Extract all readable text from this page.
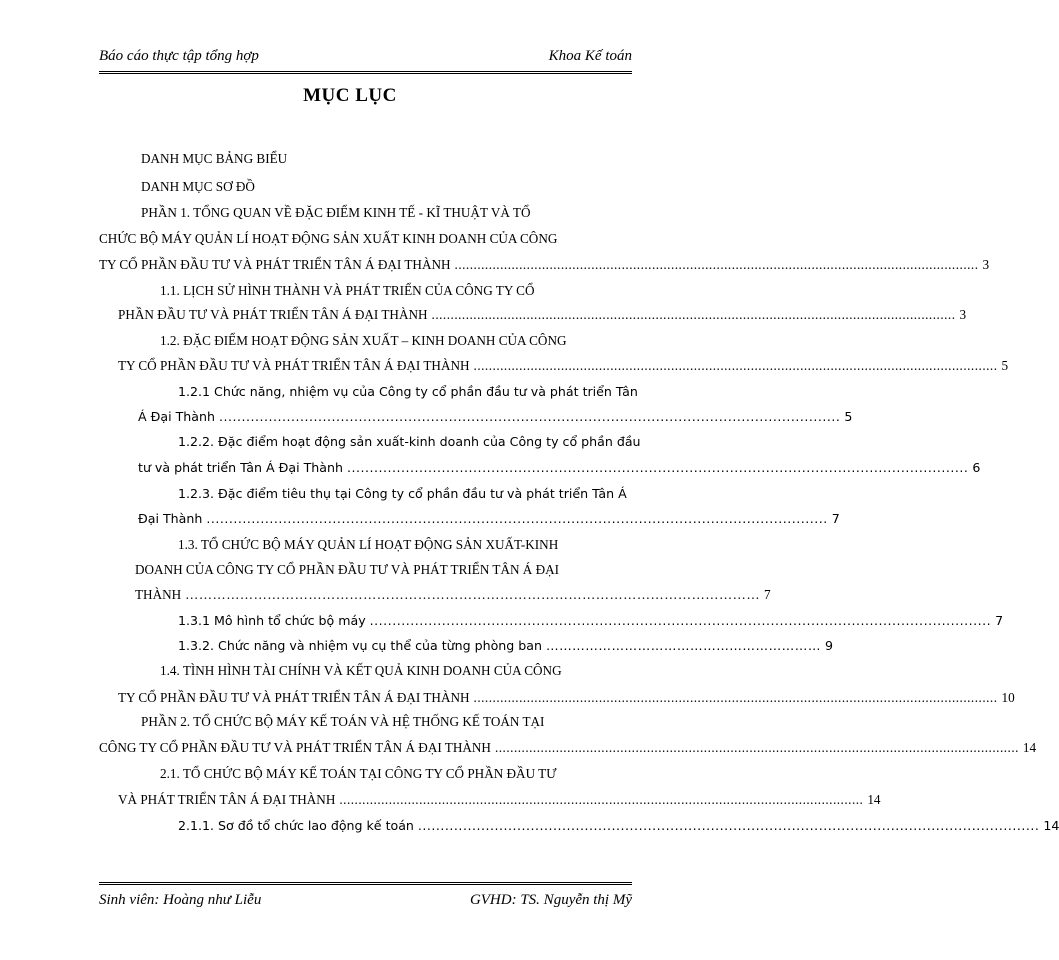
Báo cáo thực tập tổng hợp	Khoa Kế toán
MỤC LỤC
DANH MỤC BẢNG BIỂU
DANH MỤC SƠ ĐỒ
PHẦN 1. TỔNG QUAN VỀ ĐẶC ĐIỂM KINH TẾ - KĨ THUẬT VÀ TỔ
CHỨC BỘ MÁY QUẢN LÍ HOẠT ĐỘNG SẢN XUẤT KINH DOANH CỦA CÔNG
TY CỔ PHẦN ĐẦU TƯ VÀ PHÁT TRIỂN TÂN Á ĐẠI THÀNH .......................................................................................................................................... 3
1.1. LỊCH SỬ HÌNH THÀNH VÀ PHÁT TRIỂN CỦA CÔNG TY CỔ
PHẦN ĐẦU TƯ VÀ PHÁT TRIỂN TÂN Á ĐẠI THÀNH .......................................................................................................................................... 3
1.2. ĐẶC ĐIỂM HOẠT ĐỘNG SẢN XUẤT – KINH DOANH CỦA CÔNG
TY CỔ PHẦN ĐẦU TƯ VÀ PHÁT TRIỂN TÂN Á ĐẠI THÀNH .......................................................................................................................................... 5
1.2.1 Chức năng, nhiệm vụ của Công ty cổ phần đầu tư và phát triển Tân
Á Đại Thành .......................................................................................................................................... 5
1.2.2. Đặc điểm hoạt động sản xuất-kinh doanh của Công ty cổ phần đầu
tư và phát triển Tân Á Đại Thành .......................................................................................................................................... 6
1.2.3. Đặc điểm tiêu thụ tại Công ty cổ phần đầu tư và phát triển Tân Á
Đại Thành .......................................................................................................................................... 7
1.3. TỔ CHỨC BỘ MÁY QUẢN LÍ HOẠT ĐỘNG SẢN XUẤT-KINH
DOANH CỦA CÔNG TY CỔ PHẦN ĐẦU TƯ VÀ PHÁT TRIỂN TÂN Á ĐẠI
THÀNH ……………………………………………………………………………………………………………… 7
1.3.1 Mô hình tổ chức bộ máy .......................................................................................................................................... 7
1.3.2. Chức năng và nhiệm vụ cụ thể của từng phòng ban ……………………………………………………… 9
1.4. TÌNH HÌNH TÀI CHÍNH VÀ KẾT QUẢ KINH DOANH CỦA CÔNG
TY CỔ PHẦN ĐẦU TƯ VÀ PHÁT TRIỂN TÂN Á ĐẠI THÀNH .......................................................................................................................................... 10
PHẦN 2. TỔ CHỨC BỘ MÁY KẾ TOÁN VÀ HỆ THỐNG KẾ TOÁN TẠI
CÔNG TY CỔ PHẦN ĐẦU TƯ VÀ PHÁT TRIỂN TÂN Á ĐẠI THÀNH .......................................................................................................................................... 14
2.1. TỔ CHỨC BỘ MÁY KẾ TOÁN TẠI CÔNG TY CỔ PHẦN ĐẦU TƯ
VÀ PHÁT TRIỂN TÂN Á ĐẠI THÀNH .......................................................................................................................................... 14
2.1.1. Sơ đồ tổ chức lao động kế toán .......................................................................................................................................... 14
Sinh viên: Hoàng như Liễu	GVHD: TS. Nguyễn thị Mỹ
